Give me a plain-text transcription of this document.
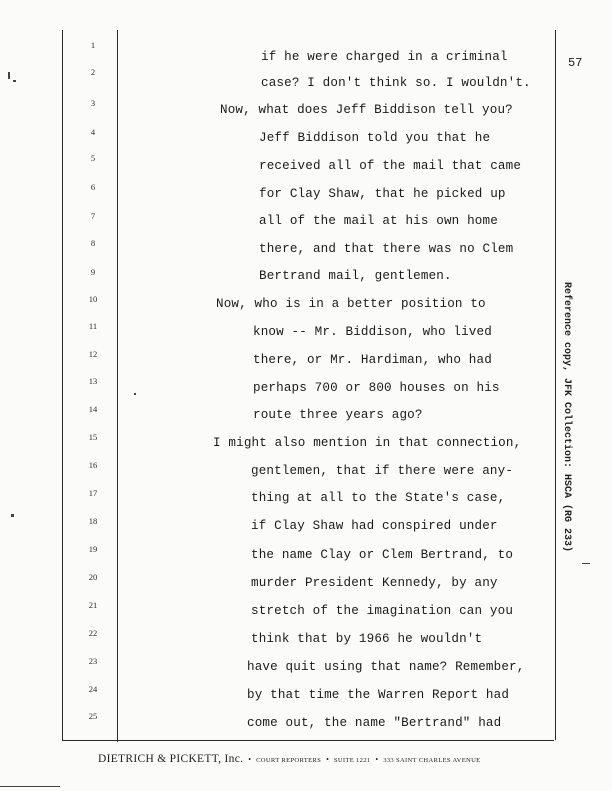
57
1
2
3
4
5
6
7
8
9
10
11
12
13
14
15
16
17
18
19
20
21
22
23
24
25
if he were charged in a criminal
case? I don't think so. I wouldn't.
Now, what does Jeff Biddison tell you?
Jeff Biddison told you that he
received all of the mail that came
for Clay Shaw, that he picked up
all of the mail at his own home
there, and that there was no Clem
Bertrand mail, gentlemen.
Now, who is in a better position to
know -- Mr. Biddison, who lived
there, or Mr. Hardiman, who had
perhaps 700 or 800 houses on his
route three years ago?
I might also mention in that connection,
gentlemen, that if there were any-
thing at all to the State's case,
if Clay Shaw had conspired under
the name Clay or Clem Bertrand, to
murder President Kennedy, by any
stretch of the imagination can you
think that by 1966 he wouldn't
have quit using that name? Remember,
by that time the Warren Report had
come out, the name "Bertrand" had
Reference copy, JFK Collection: HSCA (RG 233)
DIETRICH & PICKETT, Inc. • COURT REPORTERS • SUITE 1221 • 333 SAINT CHARLES AVENUE
